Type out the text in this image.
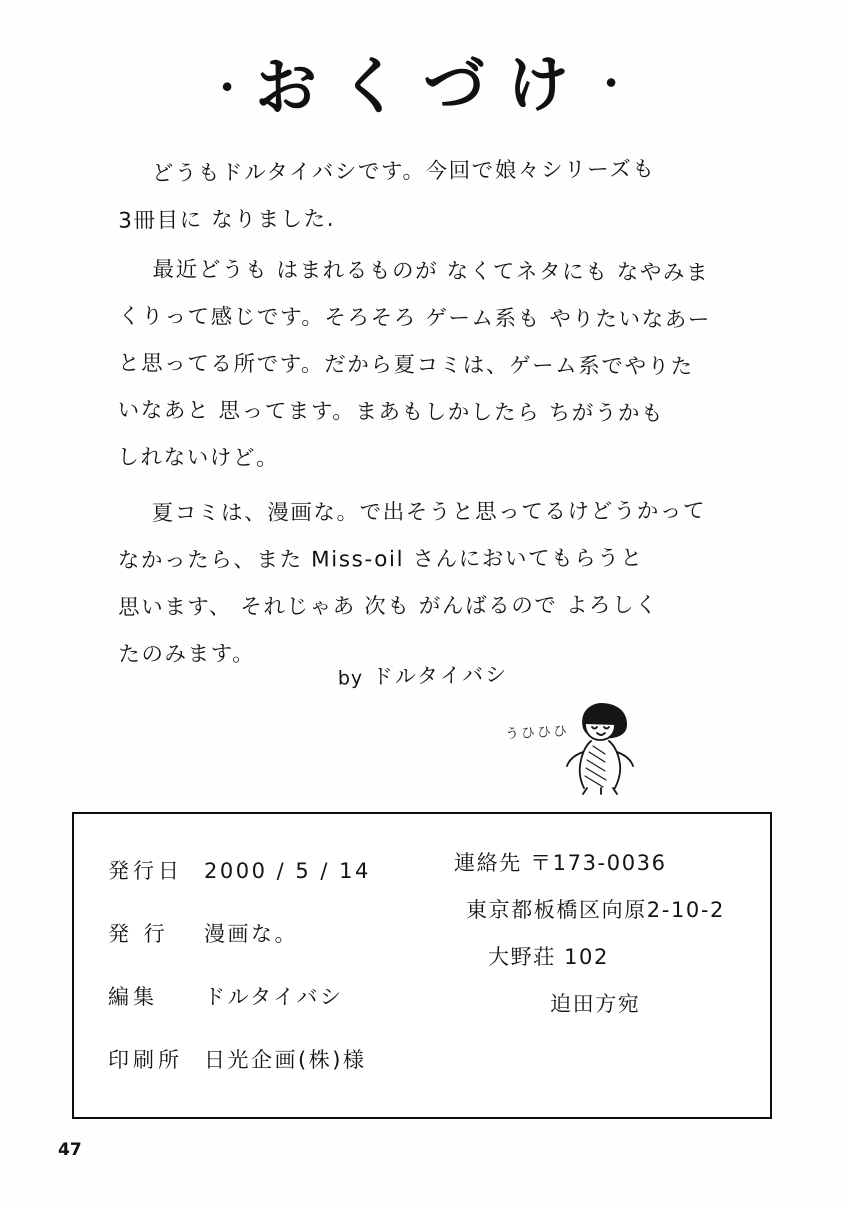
・おくづけ・

どうもドルタイバシです。今回で娘々シリーズも
3冊目に なりました.

最近どうも はまれるものが なくてネタにも なやみま
くりって感じです。そろそろ ゲーム系も やりたいなあー
と思ってる所です。だから夏コミは、ゲーム系でやりた
いなあと 思ってます。まあもしかしたら ちがうかも
しれないけど。

夏コミは、漫画な。で出そうと思ってるけどうかって
なかったら、また Miss-oil さんにおいてもらうと
思います、 それじゃあ 次も がんばるので よろしく
たのみます。

by ドルタイバシ
うひひひ
発行日 2000 / 5 / 14
発 行 漫画な。
編集 ドルタイバシ
印刷所 日光企画(株)様
連絡先 〒173-0036
東京都板橋区向原2-10-2
大野荘 102
迫田方宛
47
